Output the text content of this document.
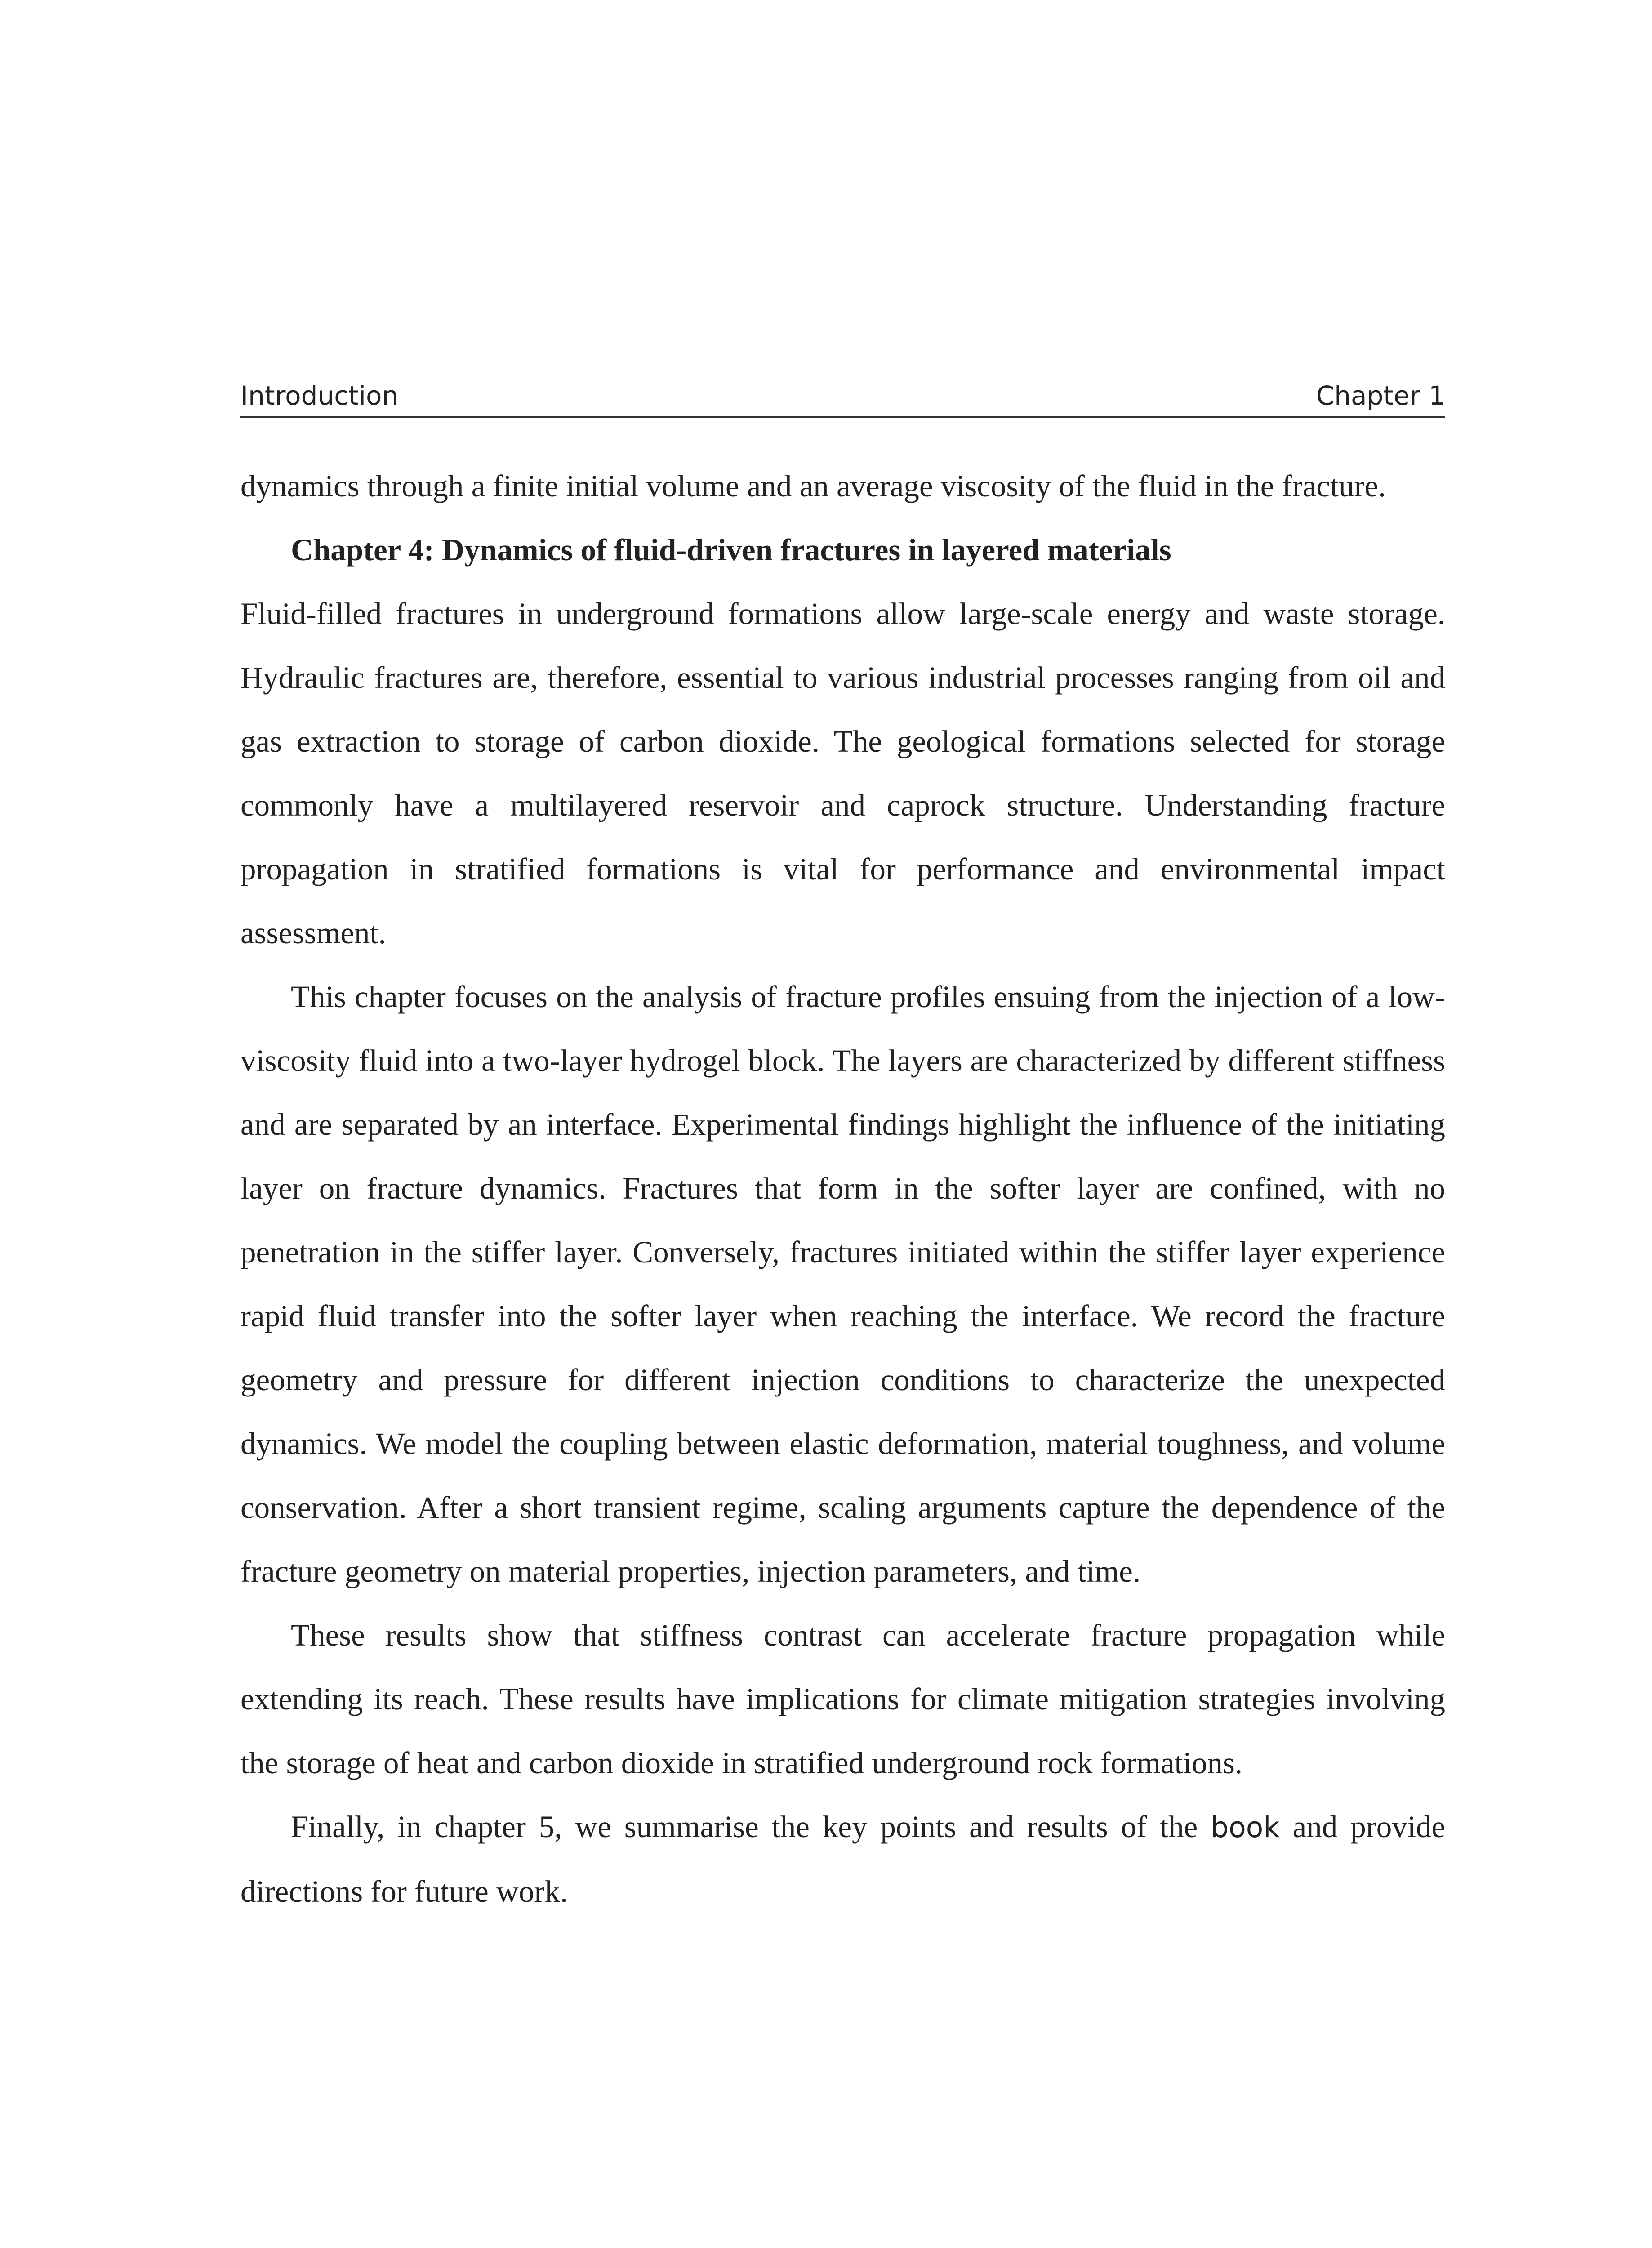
Introduction	Chapter 1

dynamics through a finite initial volume and an average viscosity of the fluid in the fracture.

Chapter 4: Dynamics of fluid-driven fractures in layered materials

Fluid-filled fractures in underground formations allow large-scale energy and waste storage. Hydraulic fractures are, therefore, essential to various industrial processes ranging from oil and gas extraction to storage of carbon dioxide. The geological formations selected for storage commonly have a multilayered reservoir and caprock structure. Understanding fracture propagation in stratified formations is vital for performance and environmental impact assessment.

This chapter focuses on the analysis of fracture profiles ensuing from the injection of a low-viscosity fluid into a two-layer hydrogel block. The layers are characterized by different stiffness and are separated by an interface. Experimental findings highlight the influence of the initiating layer on fracture dynamics. Fractures that form in the softer layer are confined, with no penetration in the stiffer layer. Conversely, fractures initiated within the stiffer layer experience rapid fluid transfer into the softer layer when reaching the interface. We record the fracture geometry and pressure for different injection conditions to characterize the unexpected dynamics. We model the coupling between elastic deformation, material toughness, and volume conservation. After a short transient regime, scaling arguments capture the dependence of the fracture geometry on material properties, injection parameters, and time.

These results show that stiffness contrast can accelerate fracture propagation while extending its reach. These results have implications for climate mitigation strategies involving the storage of heat and carbon dioxide in stratified underground rock formations.

Finally, in chapter 5, we summarise the key points and results of the book and provide directions for future work.
